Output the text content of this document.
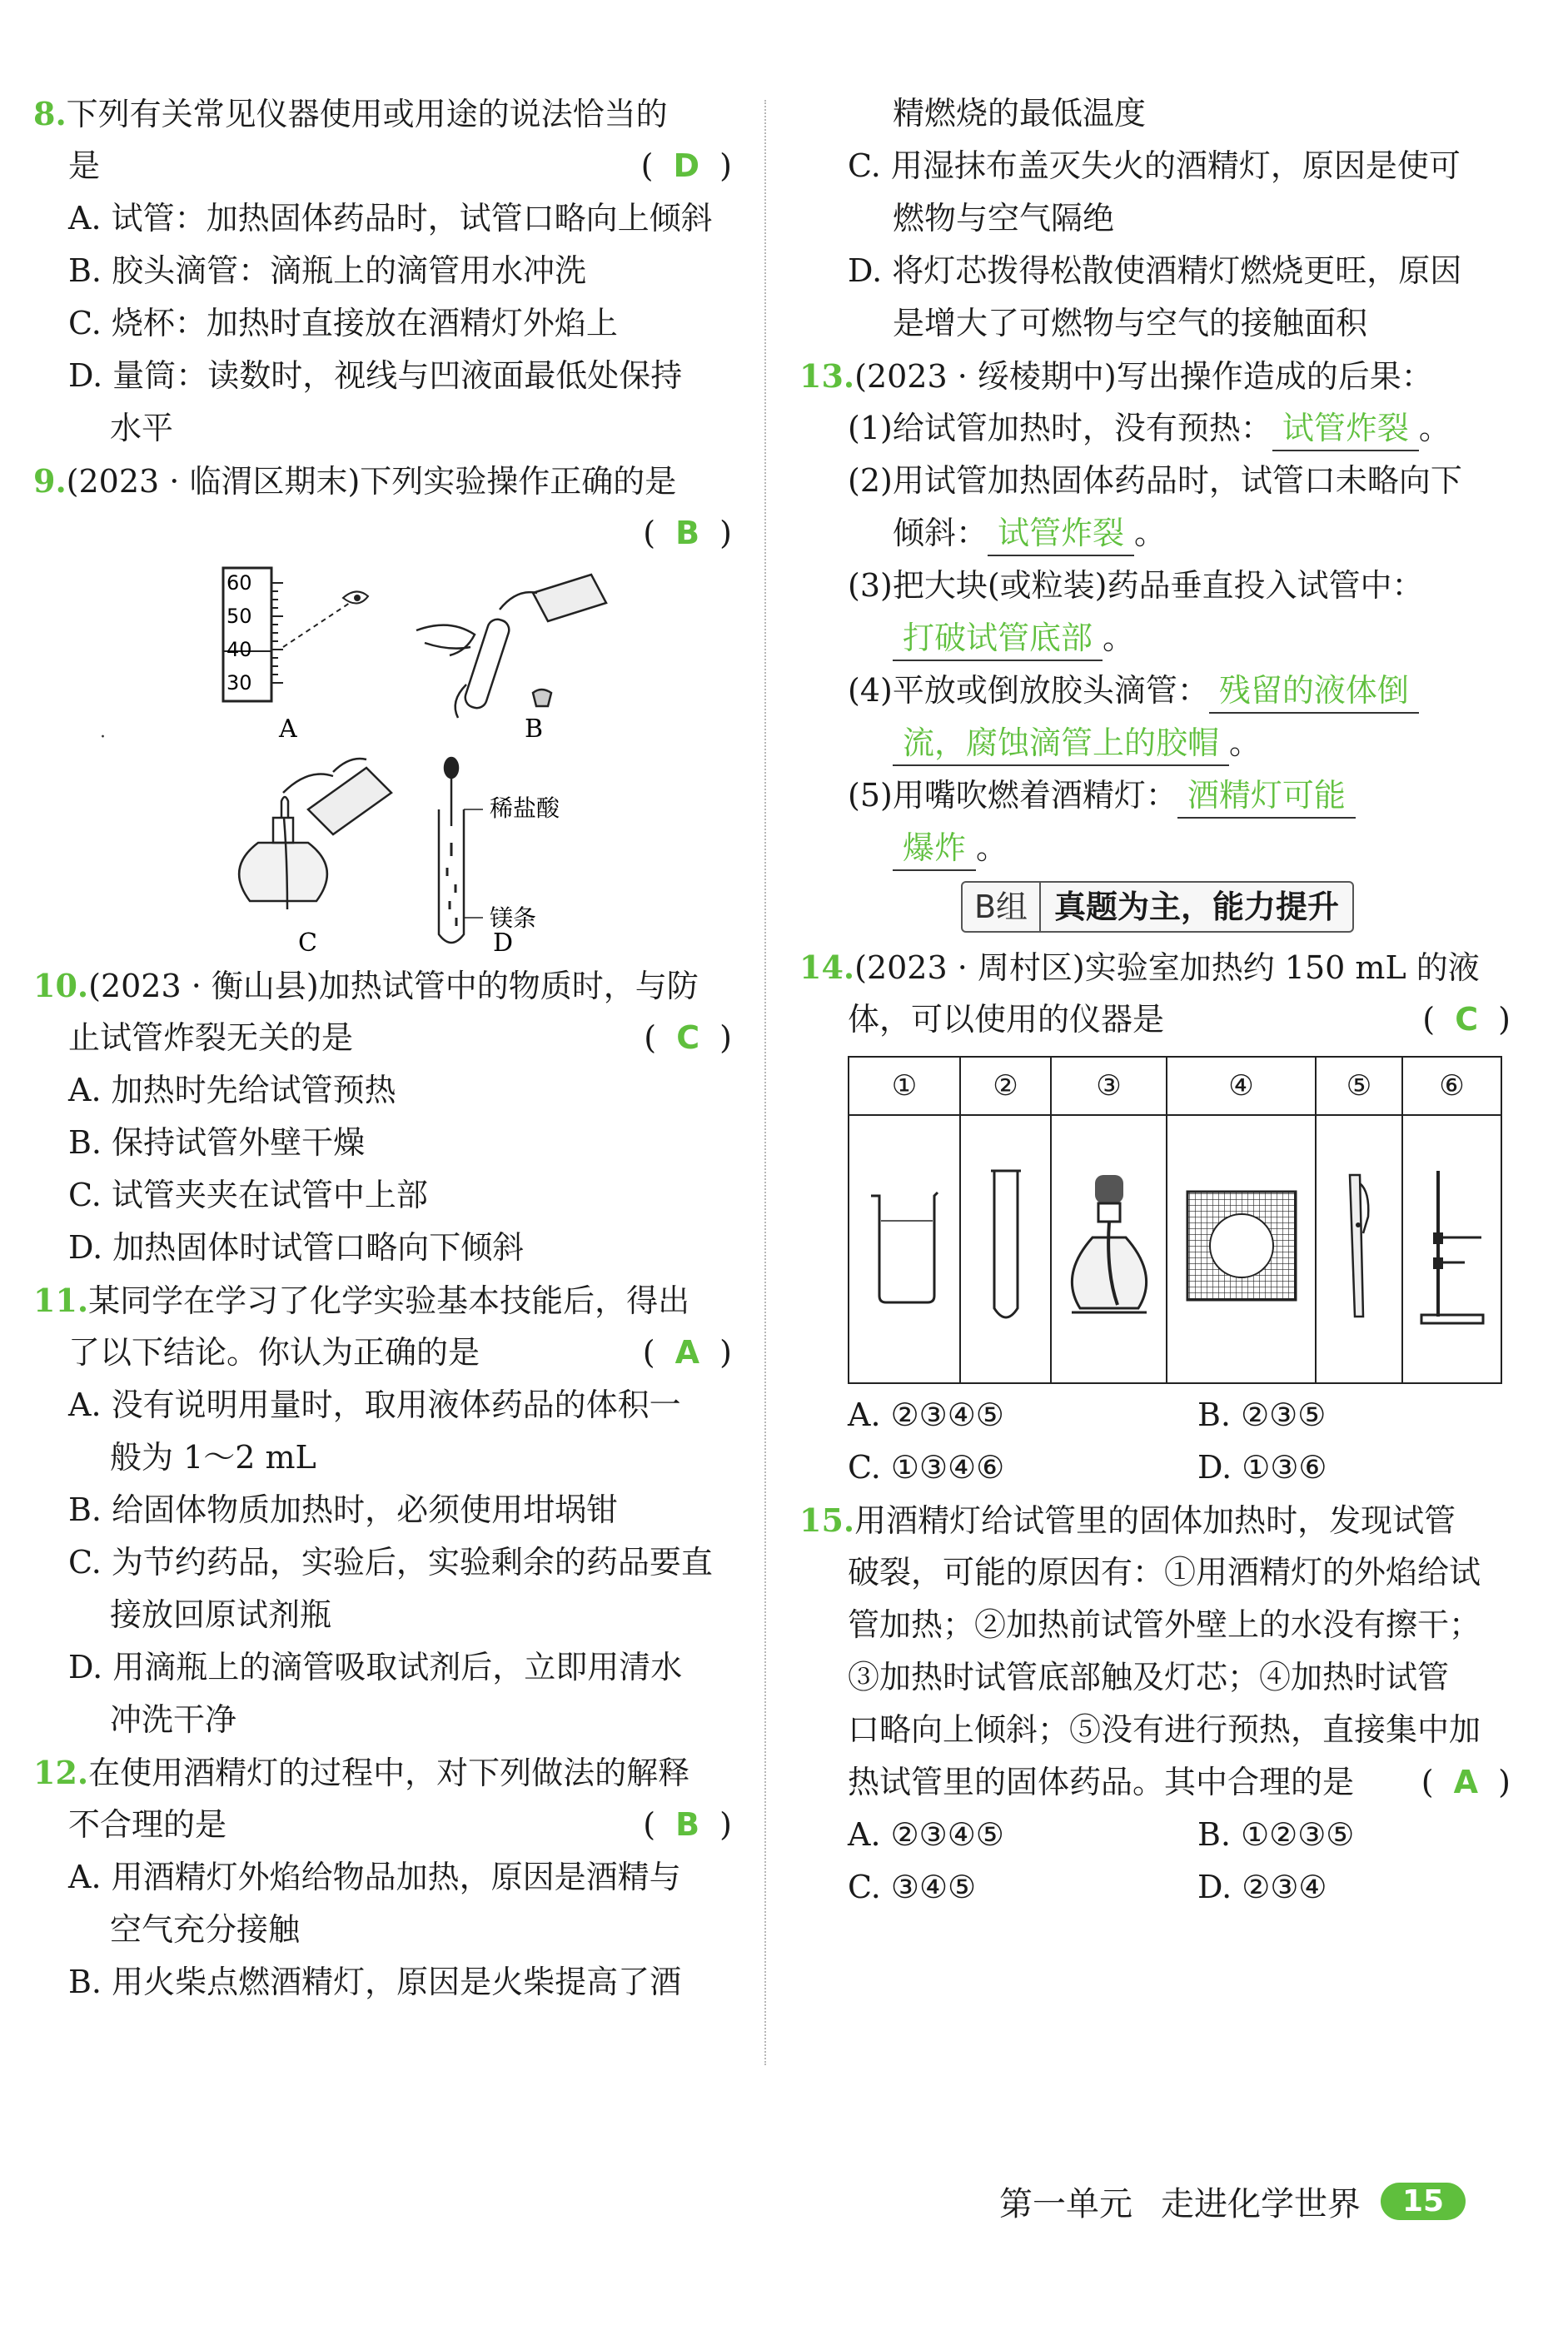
8.下列有关常见仪器使用或用途的说法恰当的
是	( D )
A. 试管：加热固体药品时，试管口略向上倾斜
B. 胶头滴管：滴瓶上的滴管用水冲洗
C. 烧杯：加热时直接放在酒精灯外焰上
D. 量筒：读数时，视线与凹液面最低处保持
水平
9.(2023 · 临渭区期末)下列实验操作正确的是
( B )
60
50
40
30
A	B
·
C
稀盐酸
镁条
D
10.(2023 · 衡山县)加热试管中的物质时，与防
止试管炸裂无关的是	( C )
A. 加热时先给试管预热
B. 保持试管外壁干燥
C. 试管夹夹在试管中上部
D. 加热固体时试管口略向下倾斜
11.某同学在学习了化学实验基本技能后，得出
了以下结论。你认为正确的是	( A )
A. 没有说明用量时，取用液体药品的体积一
般为 1～2 mL
B. 给固体物质加热时，必须使用坩埚钳
C. 为节约药品，实验后，实验剩余的药品要直
接放回原试剂瓶
D. 用滴瓶上的滴管吸取试剂后，立即用清水
冲洗干净
12.在使用酒精灯的过程中，对下列做法的解释
不合理的是	( B )
A. 用酒精灯外焰给物品加热，原因是酒精与
空气充分接触
B. 用火柴点燃酒精灯，原因是火柴提高了酒
精燃烧的最低温度
C. 用湿抹布盖灭失火的酒精灯，原因是使可
燃物与空气隔绝
D. 将灯芯拨得松散使酒精灯燃烧更旺，原因
是增大了可燃物与空气的接触面积
13.(2023 · 绥棱期中)写出操作造成的后果：
(1)给试管加热时，没有预热： 试管炸裂 。
(2)用试管加热固体药品时，试管口未略向下
倾斜： 试管炸裂 。
(3)把大块(或粒装)药品垂直投入试管中：
打破试管底部 。
(4)平放或倒放胶头滴管： 残留的液体倒
流，腐蚀滴管上的胶帽 。
(5)用嘴吹燃着酒精灯： 酒精灯可能
爆炸 。
B组 真题为主，能力提升
14.(2023 · 周村区)实验室加热约 150 mL 的液
体，可以使用的仪器是	( C )
①	②	③	④	⑤	⑥

A. ②③④⑤	B. ②③⑤
C. ①③④⑥	D. ①③⑥
15.用酒精灯给试管里的固体加热时，发现试管
破裂，可能的原因有：①用酒精灯的外焰给试
管加热；②加热前试管外壁上的水没有擦干；
③加热时试管底部触及灯芯；④加热时试管
口略向上倾斜；⑤没有进行预热，直接集中加
热试管里的固体药品。其中合理的是 ( A )
A. ②③④⑤	B. ①②③⑤
C. ③④⑤	D. ②③④
第一单元 走进化学世界	15
